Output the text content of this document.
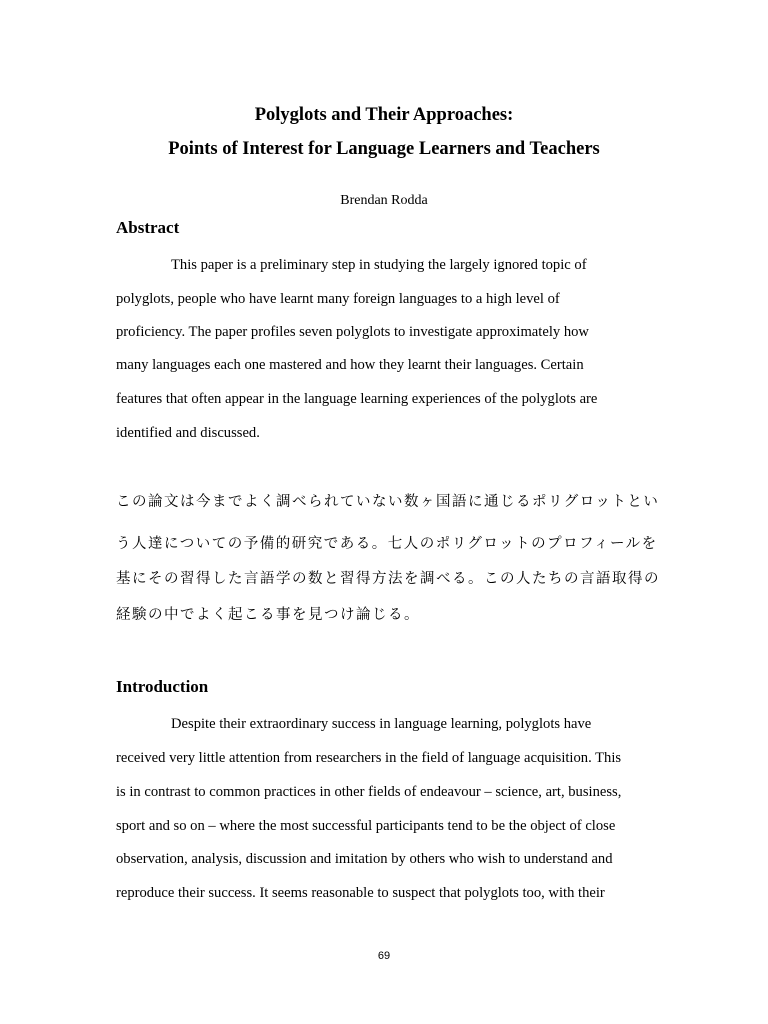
Polyglots and Their Approaches:
Points of Interest for Language Learners and Teachers
Brendan Rodda
Abstract
This paper is a preliminary step in studying the largely ignored topic of
polyglots, people who have learnt many foreign languages to a high level of
proficiency. The paper profiles seven polyglots to investigate approximately how
many languages each one mastered and how they learnt their languages. Certain
features that often appear in the language learning experiences of the polyglots are
identified and discussed.
この論文は今までよく調べられていない数ヶ国語に通じるポリグロットとい
う人達についての予備的研究である。七人のポリグロットのプロフィールを
基にその習得した言語学の数と習得方法を調べる。この人たちの言語取得の
経験の中でよく起こる事を見つけ論じる。
Introduction
Despite their extraordinary success in language learning, polyglots have
received very little attention from researchers in the field of language acquisition. This
is in contrast to common practices in other fields of endeavour – science, art, business,
sport and so on – where the most successful participants tend to be the object of close
observation, analysis, discussion and imitation by others who wish to understand and
reproduce their success. It seems reasonable to suspect that polyglots too, with their
69
